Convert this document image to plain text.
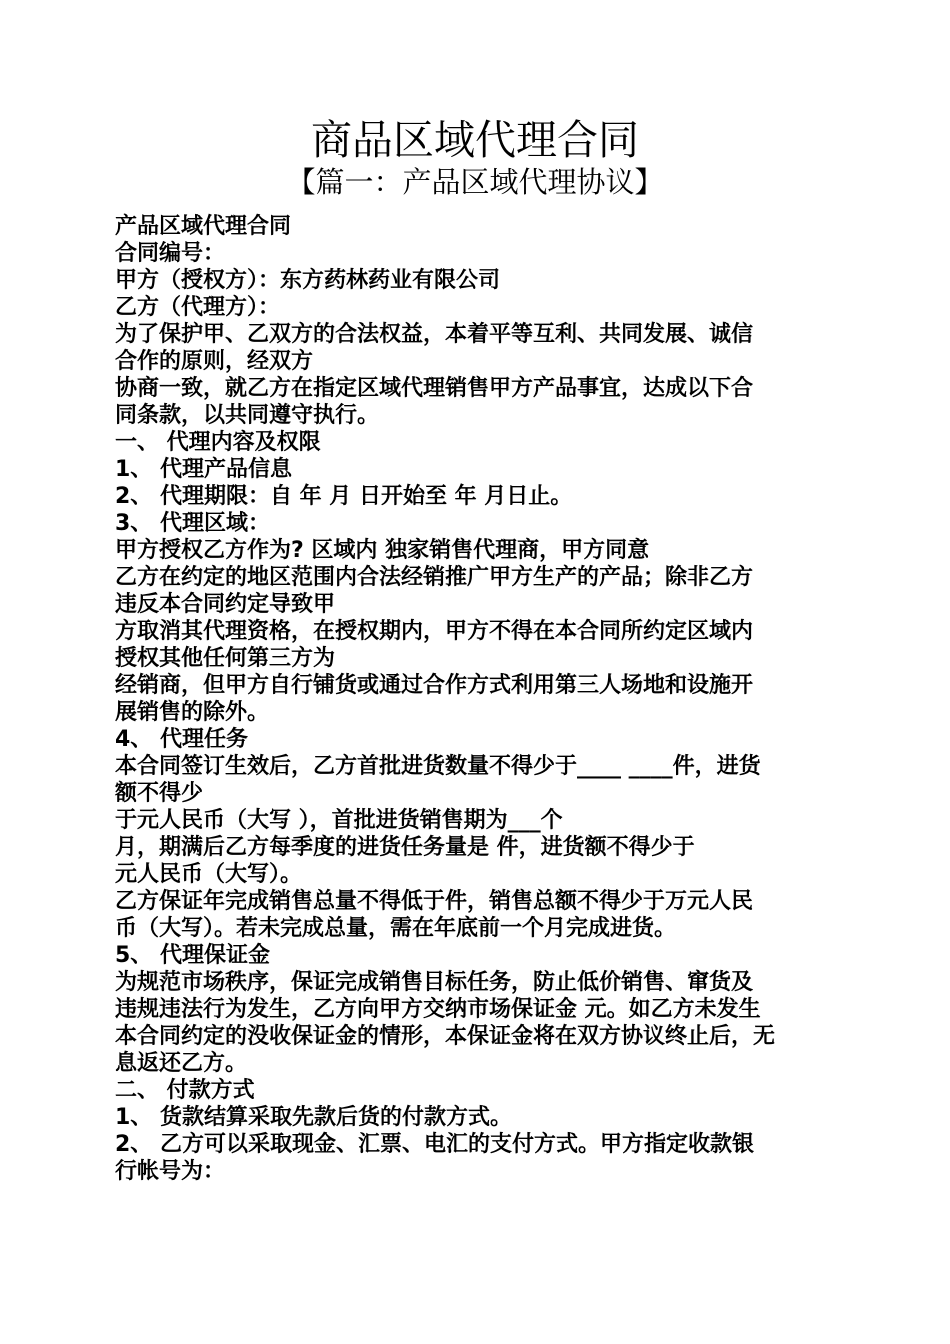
商品区域代理合同
【篇一：产品区域代理协议】
产品区域代理合同
合同编号：
甲方（授权方）：东方药林药业有限公司
乙方（代理方）：
为了保护甲、乙双方的合法权益，本着平等互利、共同发展、诚信
合作的原则，经双方
协商一致，就乙方在指定区域代理销售甲方产品事宜，达成以下合
同条款，以共同遵守执行。
一、 代理内容及权限
1、 代理产品信息
2、 代理期限：自 年 月 日开始至 年 月日止。
3、 代理区域：
甲方授权乙方作为? 区域内 独家销售代理商，甲方同意
乙方在约定的地区范围内合法经销推广甲方生产的产品；除非乙方
违反本合同约定导致甲
方取消其代理资格，在授权期内，甲方不得在本合同所约定区域内
授权其他任何第三方为
经销商，但甲方自行铺货或通过合作方式利用第三人场地和设施开
展销售的除外。
4、 代理任务
本合同签订生效后，乙方首批进货数量不得少于____ ____件，进货
额不得少
于元人民币（大写 ），首批进货销售期为___个
月，期满后乙方每季度的进货任务量是 件，进货额不得少于
元人民币（大写）。
乙方保证年完成销售总量不得低于件，销售总额不得少于万元人民
币（大写）。若未完成总量，需在年底前一个月完成进货。
5、 代理保证金
为规范市场秩序，保证完成销售目标任务，防止低价销售、窜货及
违规违法行为发生，乙方向甲方交纳市场保证金 元。如乙方未发生
本合同约定的没收保证金的情形，本保证金将在双方协议终止后，无
息返还乙方。
二、 付款方式
1、 货款结算采取先款后货的付款方式。
2、 乙方可以采取现金、汇票、电汇的支付方式。甲方指定收款银
行帐号为：
